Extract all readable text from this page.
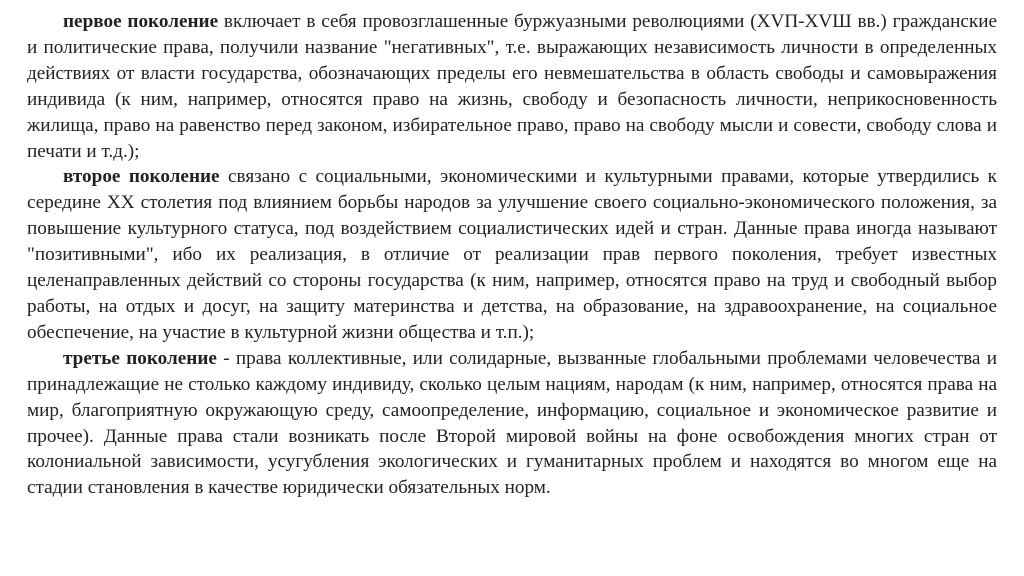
первое поколение включает в себя провозглашенные буржуазными революциями (XVП-XVШ вв.) гражданские и политические права, получили название "негативных", т.е. выражающих независимость личности в определенных действиях от власти государства, обозначающих пределы его невмешательства в область свободы и самовыражения индивида (к ним, например, относятся право на жизнь, свободу и безопасность личности, неприкосновенность жилища, право на равенство перед законом, избирательное право, право на свободу мысли и совести, свободу слова и печати и т.д.);

второе поколение связано с социальными, экономическими и культурными правами, которые утвердились к середине XX столетия под влиянием борьбы народов за улучшение своего социально-экономического положения, за повышение культурного статуса, под воздействием социалистических идей и стран. Данные права иногда называют "позитивными", ибо их реализация, в отличие от реализации прав первого поколения, требует известных целенаправленных действий со стороны государства (к ним, например, относятся право на труд и свободный выбор работы, на отдых и досуг, на защиту материнства и детства, на образование, на здравоохранение, на социальное обеспечение, на участие в культурной жизни общества и т.п.);

третье поколение - права коллективные, или солидарные, вызванные глобальными проблемами человечества и принадлежащие не столько каждому индивиду, сколько целым нациям, народам (к ним, например, относятся права на мир, благоприятную окружающую среду, самоопределение, информацию, социальное и экономическое развитие и прочее). Данные права стали возникать после Второй мировой войны на фоне освобождения многих стран от колониальной зависимости, усугубления экологических и гуманитарных проблем и находятся во многом еще на стадии становления в качестве юридически обязательных норм.
